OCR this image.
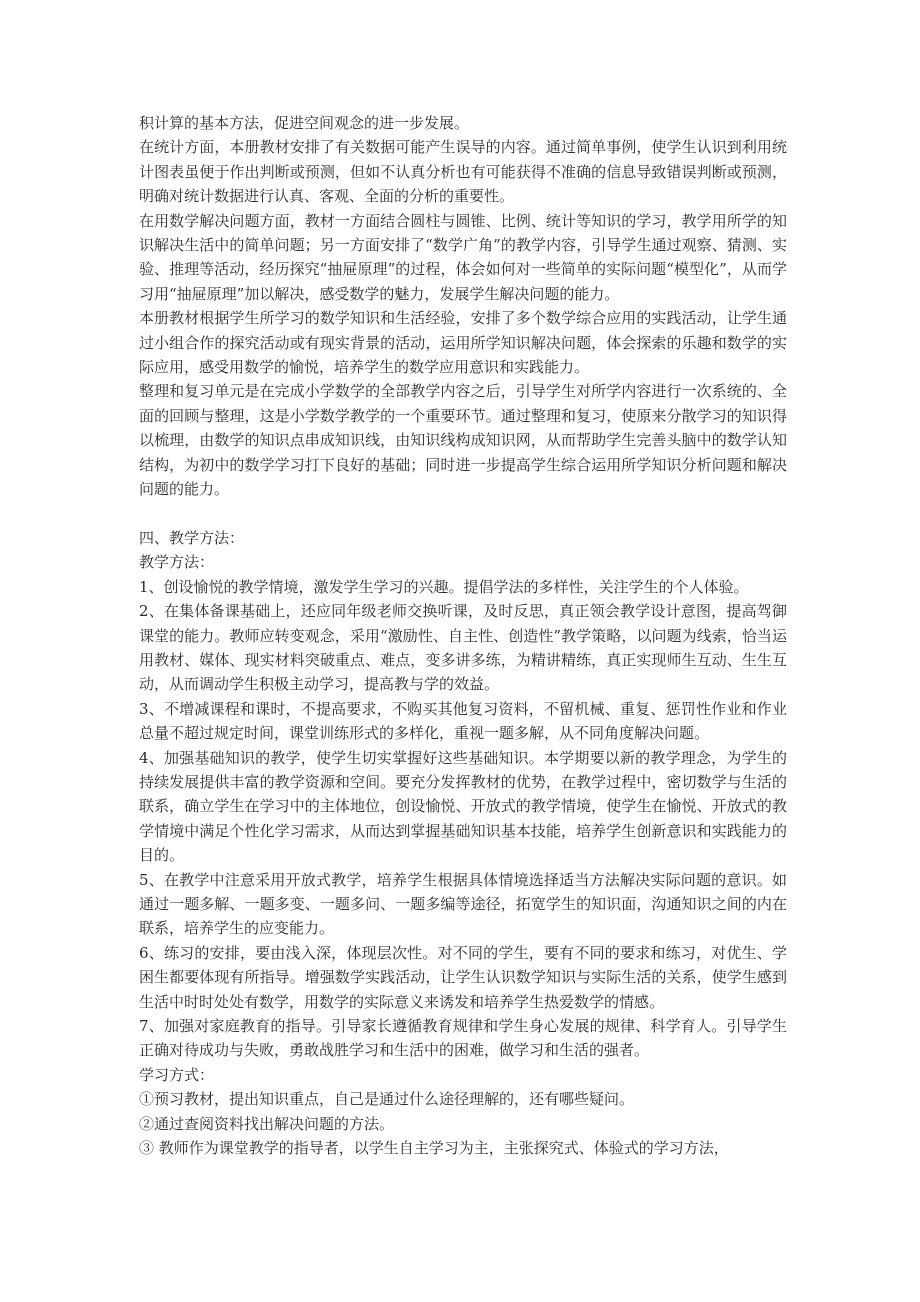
积计算的基本方法，促进空间观念的进一步发展。

在统计方面，本册教材安排了有关数据可能产生误导的内容。通过简单事例，使学生认识到利用统计图表虽便于作出判断或预测，但如不认真分析也有可能获得不准确的信息导致错误判断或预测，明确对统计数据进行认真、客观、全面的分析的重要性。

在用数学解决问题方面，教材一方面结合圆柱与圆锥、比例、统计等知识的学习，教学用所学的知识解决生活中的简单问题；另一方面安排了“数学广角”的教学内容，引导学生通过观察、猜测、实验、推理等活动，经历探究“抽屉原理”的过程，体会如何对一些简单的实际问题“模型化”，从而学习用“抽屉原理”加以解决，感受数学的魅力，发展学生解决问题的能力。

本册教材根据学生所学习的数学知识和生活经验，安排了多个数学综合应用的实践活动，让学生通过小组合作的探究活动或有现实背景的活动，运用所学知识解决问题，体会探索的乐趣和数学的实际应用，感受用数学的愉悦，培养学生的数学应用意识和实践能力。

整理和复习单元是在完成小学数学的全部教学内容之后，引导学生对所学内容进行一次系统的、全面的回顾与整理，这是小学数学教学的一个重要环节。通过整理和复习，使原来分散学习的知识得以梳理，由数学的知识点串成知识线，由知识线构成知识网，从而帮助学生完善头脑中的数学认知结构，为初中的数学学习打下良好的基础；同时进一步提高学生综合运用所学知识分析问题和解决问题的能力。

四、教学方法：

教学方法：

1、创设愉悦的教学情境，激发学生学习的兴趣。提倡学法的多样性，关注学生的个人体验。

2、在集体备课基础上，还应同年级老师交换听课，及时反思，真正领会教学设计意图，提高驾御课堂的能力。教师应转变观念，采用“激励性、自主性、创造性”教学策略，以问题为线索，恰当运用教材、媒体、现实材料突破重点、难点，变多讲多练，为精讲精练，真正实现师生互动、生生互动，从而调动学生积极主动学习，提高教与学的效益。

3、不增减课程和课时，不提高要求，不购买其他复习资料，不留机械、重复、惩罚性作业和作业总量不超过规定时间，课堂训练形式的多样化，重视一题多解，从不同角度解决问题。

4、加强基础知识的教学，使学生切实掌握好这些基础知识。本学期要以新的教学理念，为学生的持续发展提供丰富的教学资源和空间。要充分发挥教材的优势，在教学过程中，密切数学与生活的联系，确立学生在学习中的主体地位，创设愉悦、开放式的教学情境，使学生在愉悦、开放式的教学情境中满足个性化学习需求，从而达到掌握基础知识基本技能，培养学生创新意识和实践能力的目的。

5、在教学中注意采用开放式教学，培养学生根据具体情境选择适当方法解决实际问题的意识。如通过一题多解、一题多变、一题多问、一题多编等途径，拓宽学生的知识面，沟通知识之间的内在联系，培养学生的应变能力。

6、练习的安排，要由浅入深，体现层次性。对不同的学生，要有不同的要求和练习，对优生、学困生都要体现有所指导。增强数学实践活动，让学生认识数学知识与实际生活的关系，使学生感到生活中时时处处有数学，用数学的实际意义来诱发和培养学生热爱数学的情感。

7、加强对家庭教育的指导。引导家长遵循教育规律和学生身心发展的规律、科学育人。引导学生正确对待成功与失败，勇敢战胜学习和生活中的困难，做学习和生活的强者。

学习方式：

①预习教材，提出知识重点，自己是通过什么途径理解的，还有哪些疑问。

②通过查阅资料找出解决问题的方法。

③ 教师作为课堂教学的指导者，以学生自主学习为主，主张探究式、体验式的学习方法，
